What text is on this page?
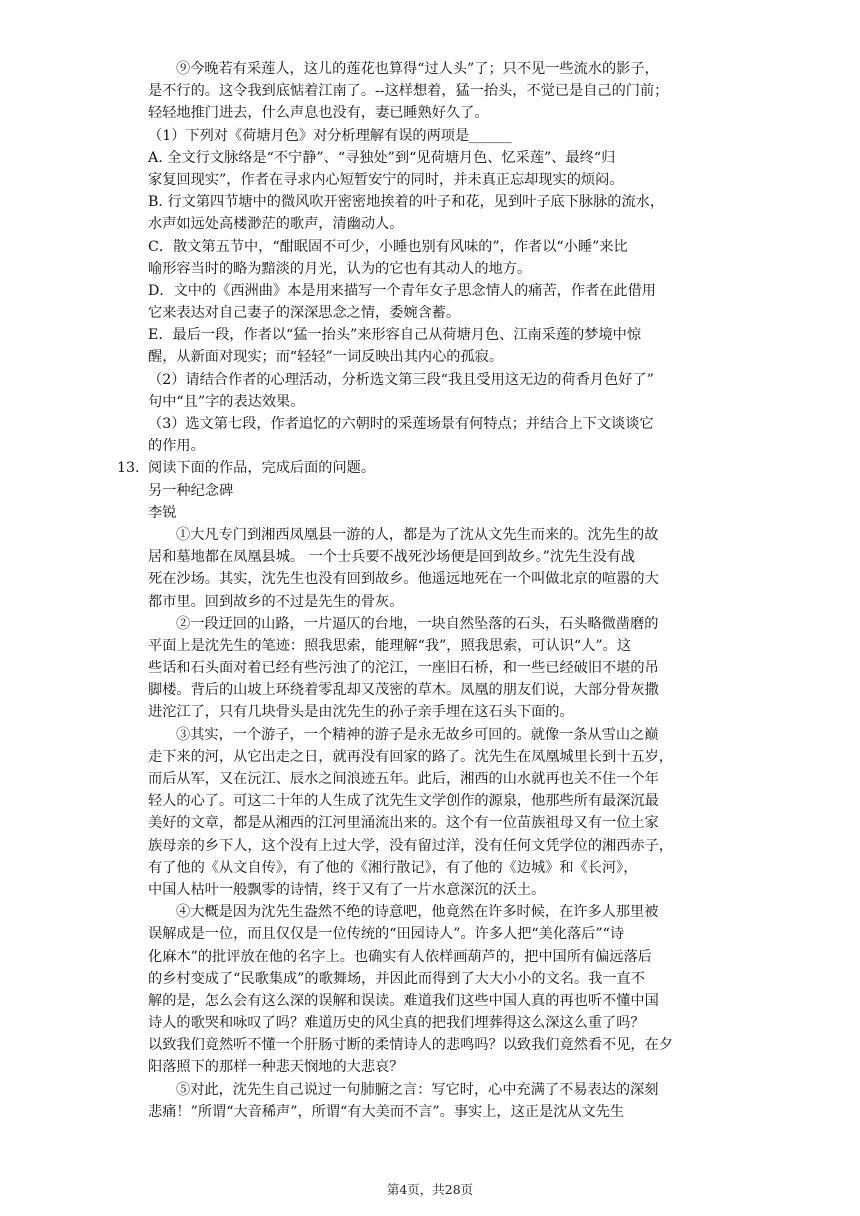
⑨今晚若有采莲人，这儿的莲花也算得“过人头”了；只不见一些流水的影子，
是不行的。这令我到底惦着江南了。--这样想着，猛一抬头，不觉已是自己的门前；
轻轻地推门进去，什么声息也没有，妻已睡熟好久了。
（1）下列对《荷塘月色》对分析理解有误的两项是______
A. 全文行文脉络是“不宁静”、“寻独处”到“见荷塘月色、忆采莲”、最终“归
家复回现实”，作者在寻求内心短暂安宁的同时，并未真正忘却现实的烦闷。
B. 行文第四节塘中的微风吹开密密地挨着的叶子和花，见到叶子底下脉脉的流水，
水声如远处高楼渺茫的歌声，清幽动人。
C．散文第五节中，“酣眠固不可少，小睡也别有风味的”，作者以“小睡”来比
喻形容当时的略为黯淡的月光，认为的它也有其动人的地方。
D．文中的《西洲曲》本是用来描写一个青年女子思念情人的痛苦，作者在此借用
它来表达对自己妻子的深深思念之情，委婉含蓄。
E．最后一段，作者以“猛一抬头”来形容自己从荷塘月色、江南采莲的梦境中惊
醒，从新面对现实；而“轻轻”一词反映出其内心的孤寂。
（2）请结合作者的心理活动，分析选文第三段“我且受用这无边的荷香月色好了”
句中“且”字的表达效果。
（3）选文第七段，作者追忆的六朝时的采莲场景有何特点；并结合上下文谈谈它
的作用。
13. 阅读下面的作品，完成后面的问题。
另一种纪念碑
李锐
①大凡专门到湘西凤凰县一游的人，都是为了沈从文先生而来的。沈先生的故
居和墓地都在凤凰县城。 一个士兵要不战死沙场便是回到故乡。”沈先生没有战
死在沙场。其实，沈先生也没有回到故乡。他遥远地死在一个叫做北京的喧嚣的大
都市里。回到故乡的不过是先生的骨灰。
②一段迂回的山路，一片逼仄的台地，一块自然坠落的石头，石头略微凿磨的
平面上是沈先生的笔迹：照我思索，能理解“我”，照我思索，可认识“人”。这
些话和石头面对着已经有些污浊了的沱江，一座旧石桥，和一些已经破旧不堪的吊
脚楼。背后的山坡上环绕着零乱却又茂密的草木。凤凰的朋友们说，大部分骨灰撒
进沱江了，只有几块骨头是由沈先生的孙子亲手埋在这石头下面的。
③其实，一个游子，一个精神的游子是永无故乡可回的。就像一条从雪山之巅
走下来的河，从它出走之日，就再没有回家的路了。沈先生在凤凰城里长到十五岁，
而后从军，又在沅江、辰水之间浪迹五年。此后，湘西的山水就再也关不住一个年
轻人的心了。可这二十年的人生成了沈先生文学创作的源泉，他那些所有最深沉最
美好的文章，都是从湘西的江河里涌流出来的。这个有一位苗族祖母又有一位土家
族母亲的乡下人，这个没有上过大学，没有留过洋，没有任何文凭学位的湘西赤子，
有了他的《从文自传》，有了他的《湘行散记》，有了他的《边城》和《长河》，
中国人枯叶一般飘零的诗情，终于又有了一片水意深沉的沃土。
④大概是因为沈先生盎然不绝的诗意吧，他竟然在许多时候，在许多人那里被
误解成是一位，而且仅仅是一位传统的“田园诗人”。许多人把“美化落后”“诗
化麻木”的批评放在他的名字上。也确实有人依样画葫芦的，把中国所有偏远落后
的乡村变成了“民歌集成”的歌舞场，并因此而得到了大大小小的文名。我一直不
解的是，怎么会有这么深的误解和误读。难道我们这些中国人真的再也听不懂中国
诗人的歌哭和咏叹了吗？难道历史的风尘真的把我们埋葬得这么深这么重了吗？
以致我们竟然听不懂一个肝肠寸断的柔情诗人的悲鸣吗？以致我们竟然看不见，在夕
阳落照下的那样一种悲天悯地的大悲哀？
⑤对此，沈先生自己说过一句肺腑之言：写它时，心中充满了不易表达的深刻
悲痛！”所谓“大音稀声”，所谓“有大美而不言”。事实上，这正是沈从文先生
第4页，共28页
